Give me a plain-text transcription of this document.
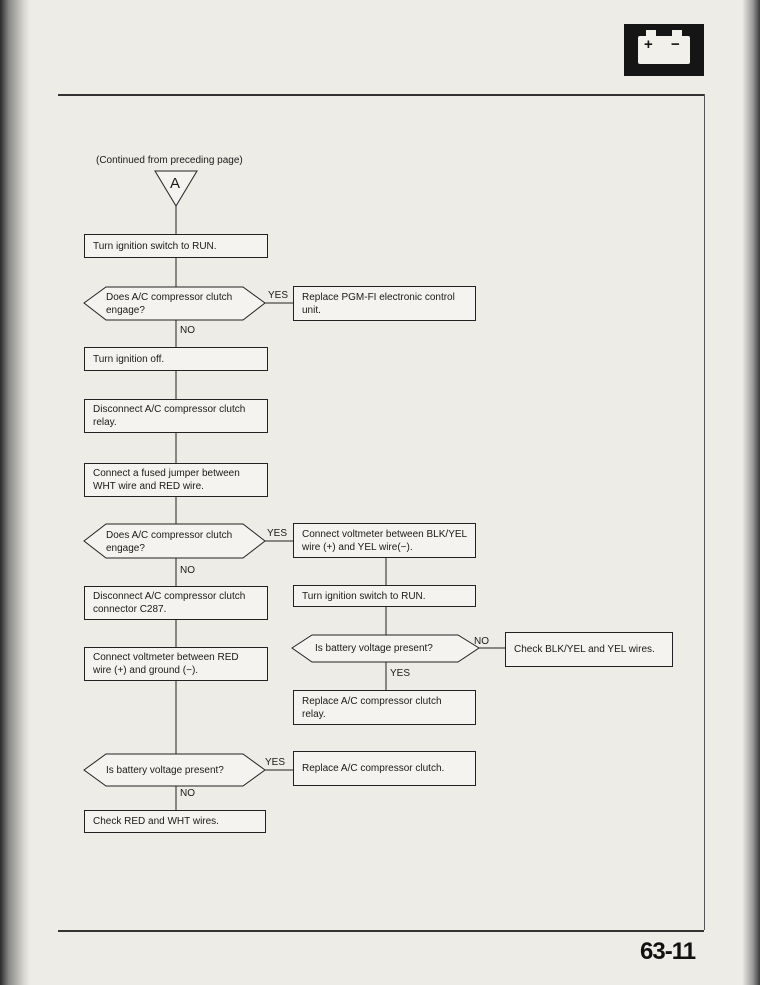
+ −
(Continued from preceding page)
A
Turn ignition switch to RUN.
Does A/C compressor clutch engage?
YES
NO
Replace PGM-FI electronic control unit.
Turn ignition off.
Disconnect A/C compressor clutch relay.
Connect a fused jumper between WHT wire and RED wire.
Does A/C compressor clutch engage?
YES
NO
Connect voltmeter between BLK/YEL wire (+) and YEL wire(−).
Disconnect A/C compressor clutch connector C287.
Turn ignition switch to RUN.
Is battery voltage present?
NO
YES
Check BLK/YEL and YEL wires.
Connect voltmeter between RED wire (+) and ground (−).
Replace A/C compressor clutch relay.
Is battery voltage present?
YES
NO
Replace A/C compressor clutch.
Check RED and WHT wires.
63-11
